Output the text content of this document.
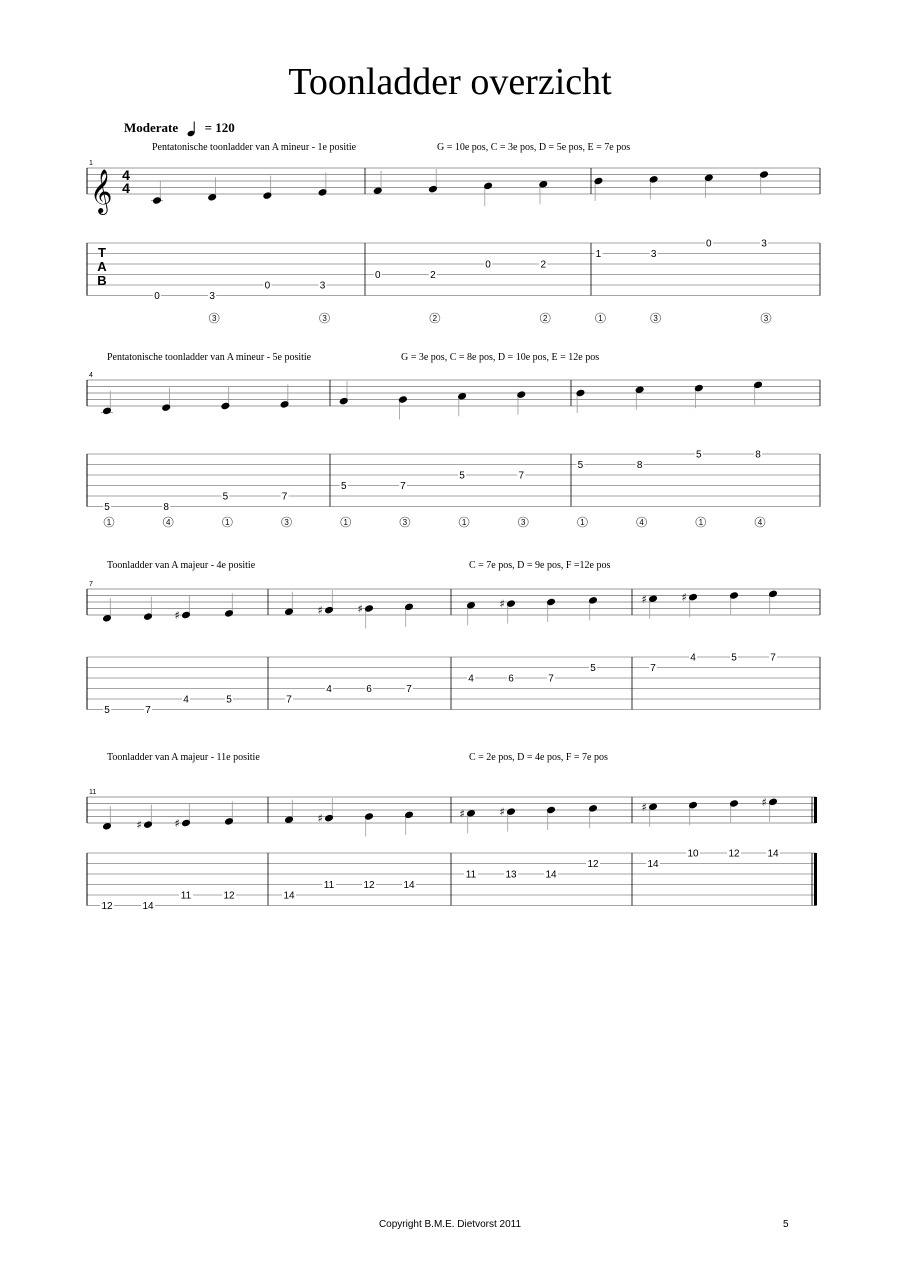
Toonladder overzicht
Moderate = 120
Pentatonische toonladder van A mineur - 1e positie	G = 10e pos, C = 3e pos, D = 5e pos, E = 7e pos
1
𝄞 4
4
T
A
B
0	3
3
0	3
3
0	2
2
0	2
2
1
1
3
3
0	3
3
Pentatonische toonladder van A mineur - 5e positie	G = 3e pos, C = 8e pos, D = 10e pos, E = 12e pos
4
5
1
8
4
5
1
7
3
5
1
7
3
5
1
7
3
5
1
8
4
5
1
8
4
Toonladder van A majeur - 4e positie	C = 7e pos, D = 9e pos, F =12e pos
7
5	7
♯
4	5	7
♯
4
♯
6	7
4
♯
6	7
5
♯
7
♯
4	5	7
Toonladder van A majeur - 11e positie	C = 2e pos, D = 4e pos, F = 7e pos
11
12
♯
14
♯
11	12	14
♯
11	12	14
♯
11
♯
13	14
12
♯
14
10	12
♯
14
Copyright B.M.E. Dietvorst 2011	5
